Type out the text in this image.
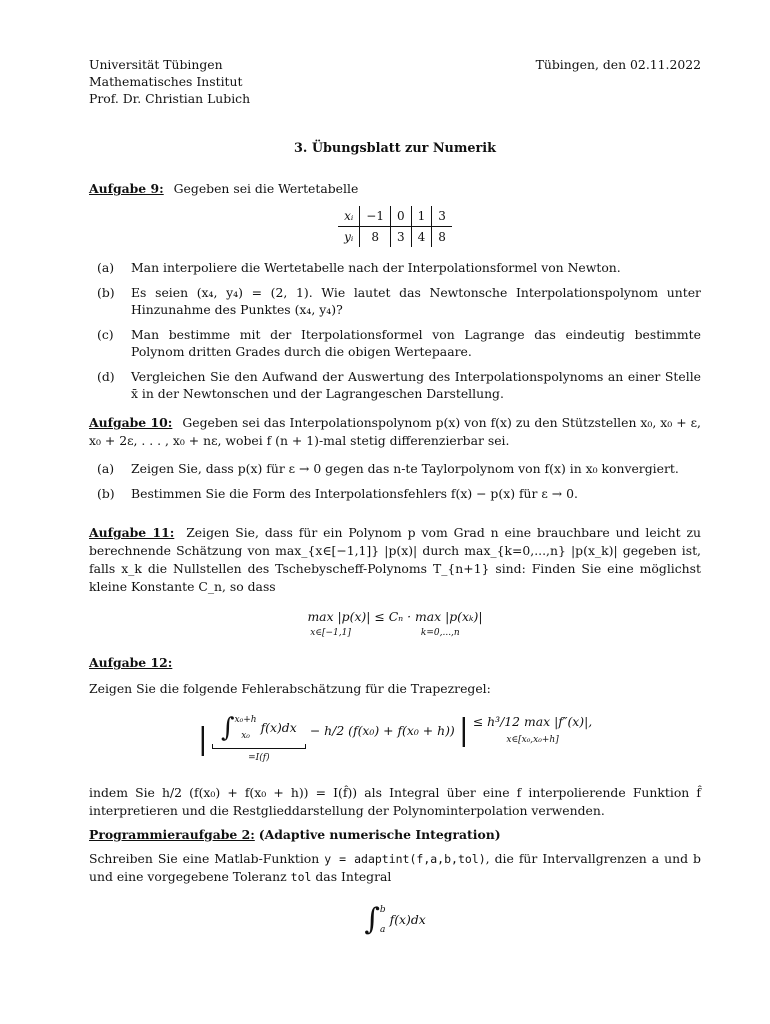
Universität Tübingen
Mathematisches Institut
Prof. Dr. Christian Lubich
Tübingen, den 02.11.2022
3. Übungsblatt zur Numerik
Aufgabe 9: Gegeben sei die Wertetabelle
xᵢ	−1	0	1	3
yᵢ	8	3	4	8
(a)	Man interpoliere die Wertetabelle nach der Interpolationsformel von Newton.
(b)	Es seien (x₄, y₄) = (2, 1). Wie lautet das Newtonsche Interpolationspolynom unter Hinzunahme des Punktes (x₄, y₄)?
(c)	Man bestimme mit der Iterpolationsformel von Lagrange das eindeutig bestimmte Polynom dritten Grades durch die obigen Wertepaare.
(d)	Vergleichen Sie den Aufwand der Auswertung des Interpolationspolynoms an einer Stelle x̄ in der Newtonschen und der Lagrangeschen Darstellung.
Aufgabe 10: Gegeben sei das Interpolationspolynom p(x) von f(x) zu den Stützstellen x₀, x₀ + ε, x₀ + 2ε, . . . , x₀ + nε, wobei f (n + 1)-mal stetig differenzierbar sei.
(a)	Zeigen Sie, dass p(x) für ε → 0 gegen das n-te Taylorpolynom von f(x) in x₀ konvergiert.
(b)	Bestimmen Sie die Form des Interpolationsfehlers f(x) − p(x) für ε → 0.
Aufgabe 11: Zeigen Sie, dass für ein Polynom p vom Grad n eine brauchbare und leicht zu berechnende Schätzung von max_{x∈[−1,1]} |p(x)| durch max_{k=0,...,n} |p(x_k)| gegeben ist, falls x_k die Nullstellen des Tschebyscheff-Polynoms T_{n+1} sind: Finden Sie eine möglichst kleine Konstante C_n, so dass
max |p(x)| ≤ Cₙ · max |p(xₖ)|
x∈[−1,1]	k=0,...,n
Aufgabe 12:
Zeigen Sie die folgende Fehlerabschätzung für die Trapezregel:
| ∫ x₀+h
x₀
f(x)dx
=I(f)
− h/2 (f(x₀) + f(x₀ + h)) | ≤ h³/12 max |f″(x)|,
x∈[x₀,x₀+h]
indem Sie h/2 (f(x₀) + f(x₀ + h)) = I(f̂)) als Integral über eine f interpolierende Funktion f̂ interpretieren und die Restglieddarstellung der Polynominterpolation verwenden.
Programmieraufgabe 2: (Adaptive numerische Integration)
Schreiben Sie eine Matlab-Funktion y = adaptint(f,a,b,tol), die für Intervallgrenzen a und b und eine vorgegebene Toleranz tol das Integral
∫ b
a
f(x)dx
